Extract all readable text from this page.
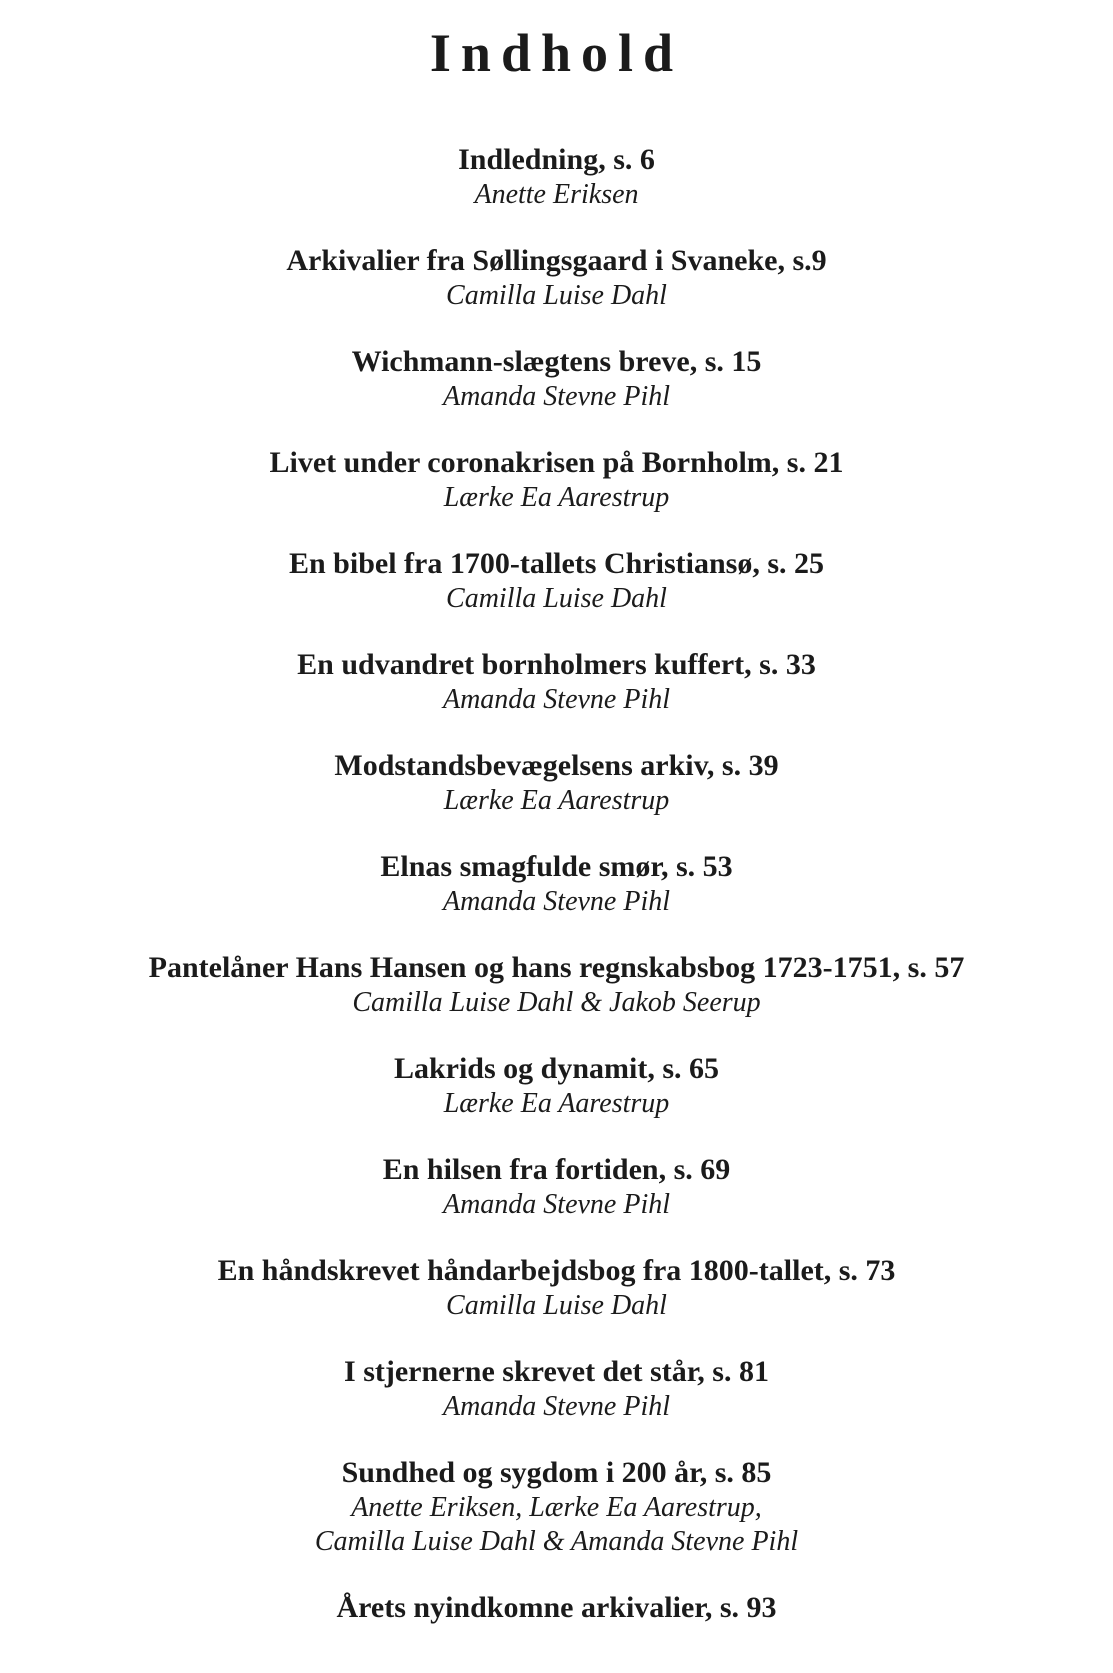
Indhold
Indledning, s. 6
Anette Eriksen
Arkivalier fra Søllingsgaard i Svaneke, s.9
Camilla Luise Dahl
Wichmann-slægtens breve, s. 15
Amanda Stevne Pihl
Livet under coronakrisen på Bornholm, s. 21
Lærke Ea Aarestrup
En bibel fra 1700-tallets Christiansø, s. 25
Camilla Luise Dahl
En udvandret bornholmers kuffert, s. 33
Amanda Stevne Pihl
Modstandsbevægelsens arkiv, s. 39
Lærke Ea Aarestrup
Elnas smagfulde smør, s. 53
Amanda Stevne Pihl
Pantelåner Hans Hansen og hans regnskabsbog 1723-1751, s. 57
Camilla Luise Dahl & Jakob Seerup
Lakrids og dynamit, s. 65
Lærke Ea Aarestrup
En hilsen fra fortiden, s. 69
Amanda Stevne Pihl
En håndskrevet håndarbejdsbog fra 1800-tallet, s. 73
Camilla Luise Dahl
I stjernerne skrevet det står, s. 81
Amanda Stevne Pihl
Sundhed og sygdom i 200 år, s. 85
Anette Eriksen, Lærke Ea Aarestrup,
Camilla Luise Dahl & Amanda Stevne Pihl
Årets nyindkomne arkivalier, s. 93
